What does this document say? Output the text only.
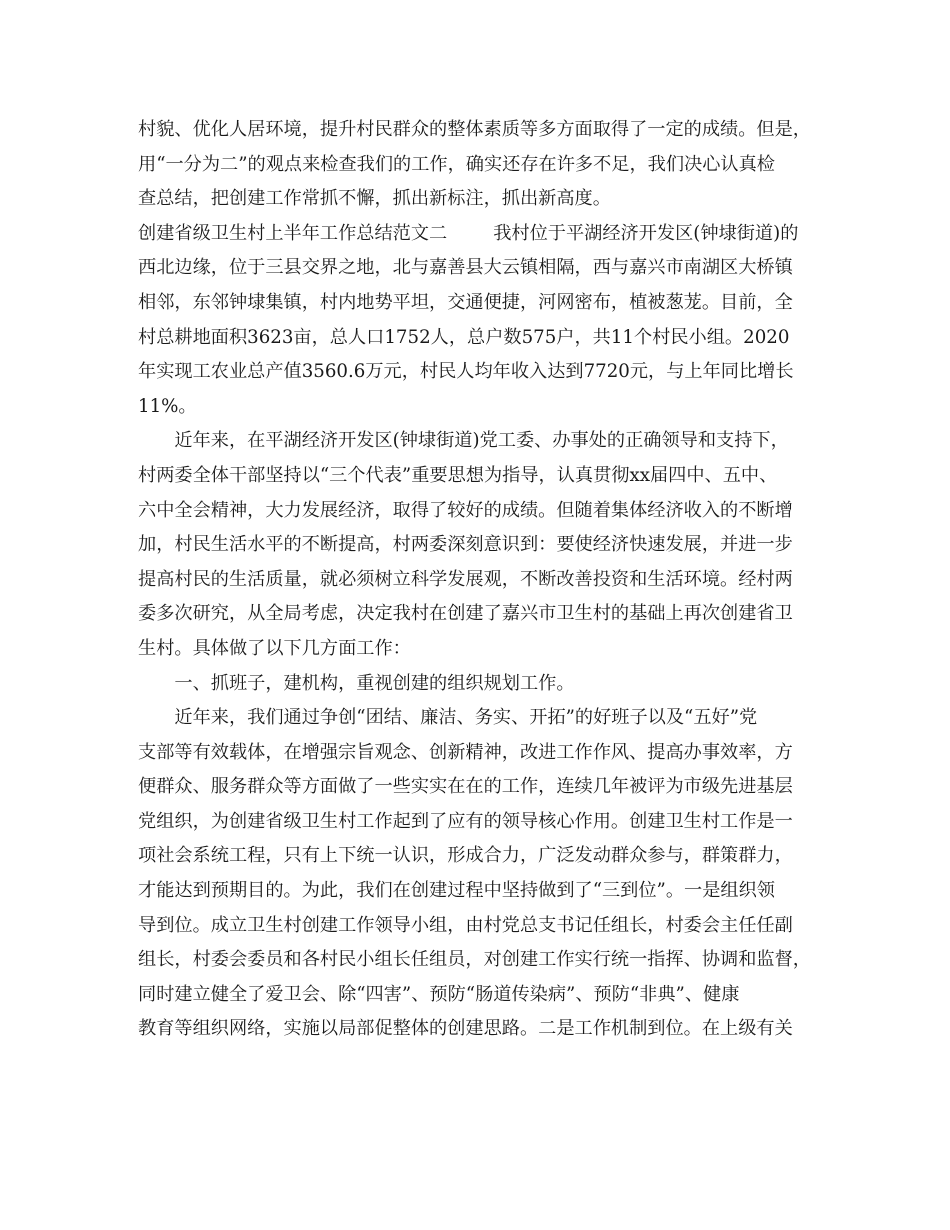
村貌、优化人居环境，提升村民群众的整体素质等多方面取得了一定的成绩。但是，
用“一分为二”的观点来检查我们的工作，确实还存在许多不足，我们决心认真检
查总结，把创建工作常抓不懈，抓出新标注，抓出新高度。
创建省级卫生村上半年工作总结范文二	我村位于平湖经济开发区(钟埭街道)的
西北边缘，位于三县交界之地，北与嘉善县大云镇相隔，西与嘉兴市南湖区大桥镇
相邻，东邻钟埭集镇，村内地势平坦，交通便捷，河网密布，植被葱茏。目前，全
村总耕地面积3623亩，总人口1752人，总户数575户，共11个村民小组。2020
年实现工农业总产值3560.6万元，村民人均年收入达到7720元，与上年同比增长
11%。
近年来，在平湖经济开发区(钟埭街道)党工委、办事处的正确领导和支持下，
村两委全体干部坚持以“三个代表”重要思想为指导，认真贯彻xx届四中、五中、
六中全会精神，大力发展经济，取得了较好的成绩。但随着集体经济收入的不断增
加，村民生活水平的不断提高，村两委深刻意识到：要使经济快速发展，并进一步
提高村民的生活质量，就必须树立科学发展观，不断改善投资和生活环境。经村两
委多次研究，从全局考虑，决定我村在创建了嘉兴市卫生村的基础上再次创建省卫
生村。具体做了以下几方面工作：
一、抓班子，建机构，重视创建的组织规划工作。
近年来，我们通过争创“团结、廉洁、务实、开拓”的好班子以及“五好”党
支部等有效载体，在增强宗旨观念、创新精神，改进工作作风、提高办事效率，方
便群众、服务群众等方面做了一些实实在在的工作，连续几年被评为市级先进基层
党组织，为创建省级卫生村工作起到了应有的领导核心作用。创建卫生村工作是一
项社会系统工程，只有上下统一认识，形成合力，广泛发动群众参与，群策群力，
才能达到预期目的。为此，我们在创建过程中坚持做到了“三到位”。一是组织领
导到位。成立卫生村创建工作领导小组，由村党总支书记任组长，村委会主任任副
组长，村委会委员和各村民小组长任组员，对创建工作实行统一指挥、协调和监督，
同时建立健全了爱卫会、除“四害”、预防“肠道传染病”、预防“非典”、健康
教育等组织网络，实施以局部促整体的创建思路。二是工作机制到位。在上级有关
